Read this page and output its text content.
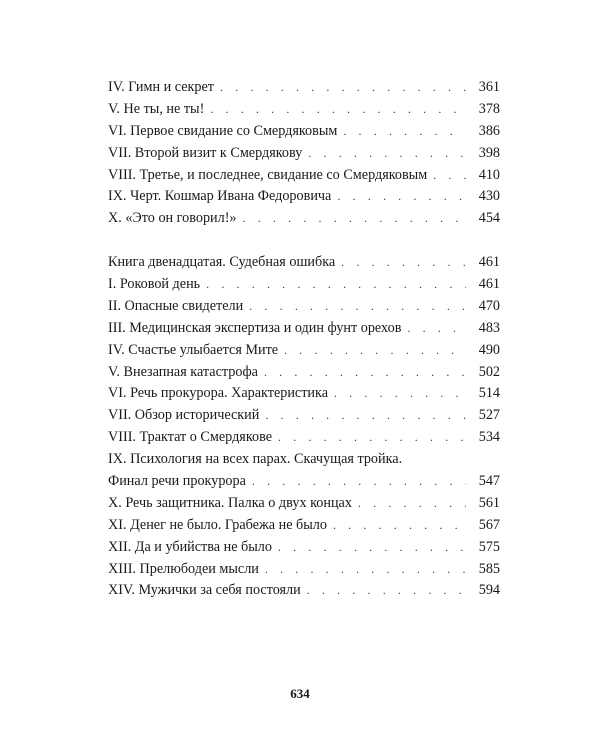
IV. Гимн и секрет . . .	361
V. Не ты, не ты! . . .	378
VI. Первое свидание со Смердяковым . . .	386
VII. Второй визит к Смердякову . . .	398
VIII. Третье, и последнее, свидание со Смердяковым . . .	410
IX. Черт. Кошмар Ивана Федоровича . . .	430
X. «Это он говорил!» . . .	454
Книга двенадцатая. Судебная ошибка . . .	461
I. Роковой день . . .	461
II. Опасные свидетели . . .	470
III. Медицинская экспертиза и один фунт орехов . . .	483
IV. Счастье улыбается Мите . . .	490
V. Внезапная катастрофа . . .	502
VI. Речь прокурора. Характеристика . . .	514
VII. Обзор исторический . . .	527
VIII. Трактат о Смердякове . . .	534
IX. Психология на всех парах. Скачущая тройка.
Финал речи прокурора . . .	547
X. Речь защитника. Палка о двух концах . . .	561
XI. Денег не было. Грабежа не было . . .	567
XII. Да и убийства не было . . .	575
XIII. Прелюбодеи мысли . . .	585
XIV. Мужички за себя постояли . . .	594
634
